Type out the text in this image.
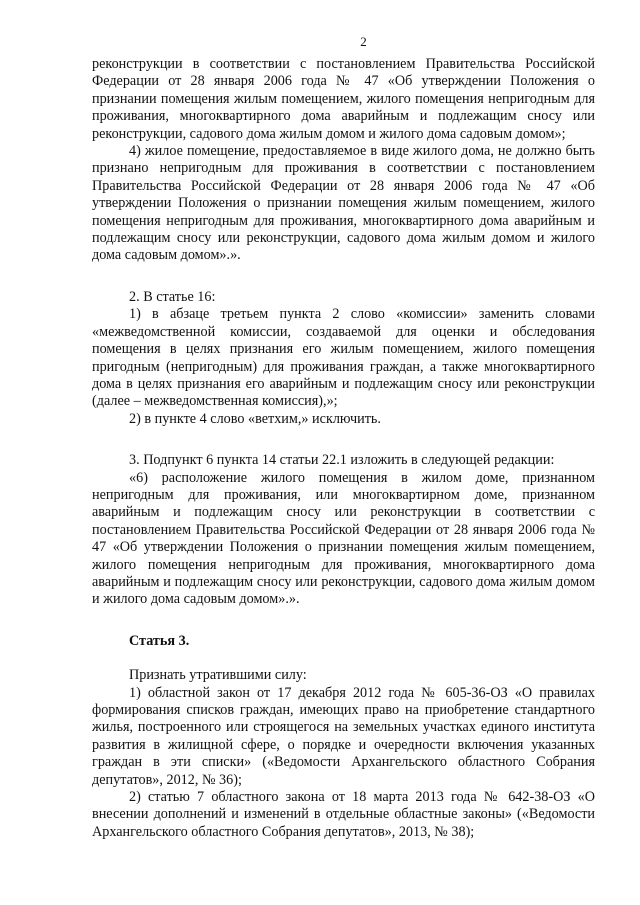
2

реконструкции в соответствии с постановлением Правительства Российской Федерации от 28 января 2006 года № 47 «Об утверждении Положения о признании помещения жилым помещением, жилого помещения непригодным для проживания, многоквартирного дома аварийным и подлежащим сносу или реконструкции, садового дома жилым домом и жилого дома садовым домом»;

4) жилое помещение, предоставляемое в виде жилого дома, не должно быть признано непригодным для проживания в соответствии с постановлением Правительства Российской Федерации от 28 января 2006 года № 47 «Об утверждении Положения о признании помещения жилым помещением, жилого помещения непригодным для проживания, многоквартирного дома аварийным и подлежащим сносу или реконструкции, садового дома жилым домом и жилого дома садовым домом».».

2. В статье 16:

1) в абзаце третьем пункта 2 слово «комиссии» заменить словами «межведомственной комиссии, создаваемой для оценки и обследования помещения в целях признания его жилым помещением, жилого помещения пригодным (непригодным) для проживания граждан, а также многоквартирного дома в целях признания его аварийным и подлежащим сносу или реконструкции (далее – межведомственная комиссия),»;

2) в пункте 4 слово «ветхим,» исключить.

3. Подпункт 6 пункта 14 статьи 22.1 изложить в следующей редакции:

«6) расположение жилого помещения в жилом доме, признанном непригодным для проживания, или многоквартирном доме, признанном аварийным и подлежащим сносу или реконструкции в соответствии с постановлением Правительства Российской Федерации от 28 января 2006 года № 47 «Об утверждении Положения о признании помещения жилым помещением, жилого помещения непригодным для проживания, многоквартирного дома аварийным и подлежащим сносу или реконструкции, садового дома жилым домом и жилого дома садовым домом».».

Статья 3.

Признать утратившими силу:

1) областной закон от 17 декабря 2012 года № 605-36-ОЗ «О правилах формирования списков граждан, имеющих право на приобретение стандартного жилья, построенного или строящегося на земельных участках единого института развития в жилищной сфере, о порядке и очередности включения указанных граждан в эти списки» («Ведомости Архангельского областного Собрания депутатов», 2012, № 36);

2) статью 7 областного закона от 18 марта 2013 года № 642-38-ОЗ «О внесении дополнений и изменений в отдельные областные законы» («Ведомости Архангельского областного Собрания депутатов», 2013, № 38);
